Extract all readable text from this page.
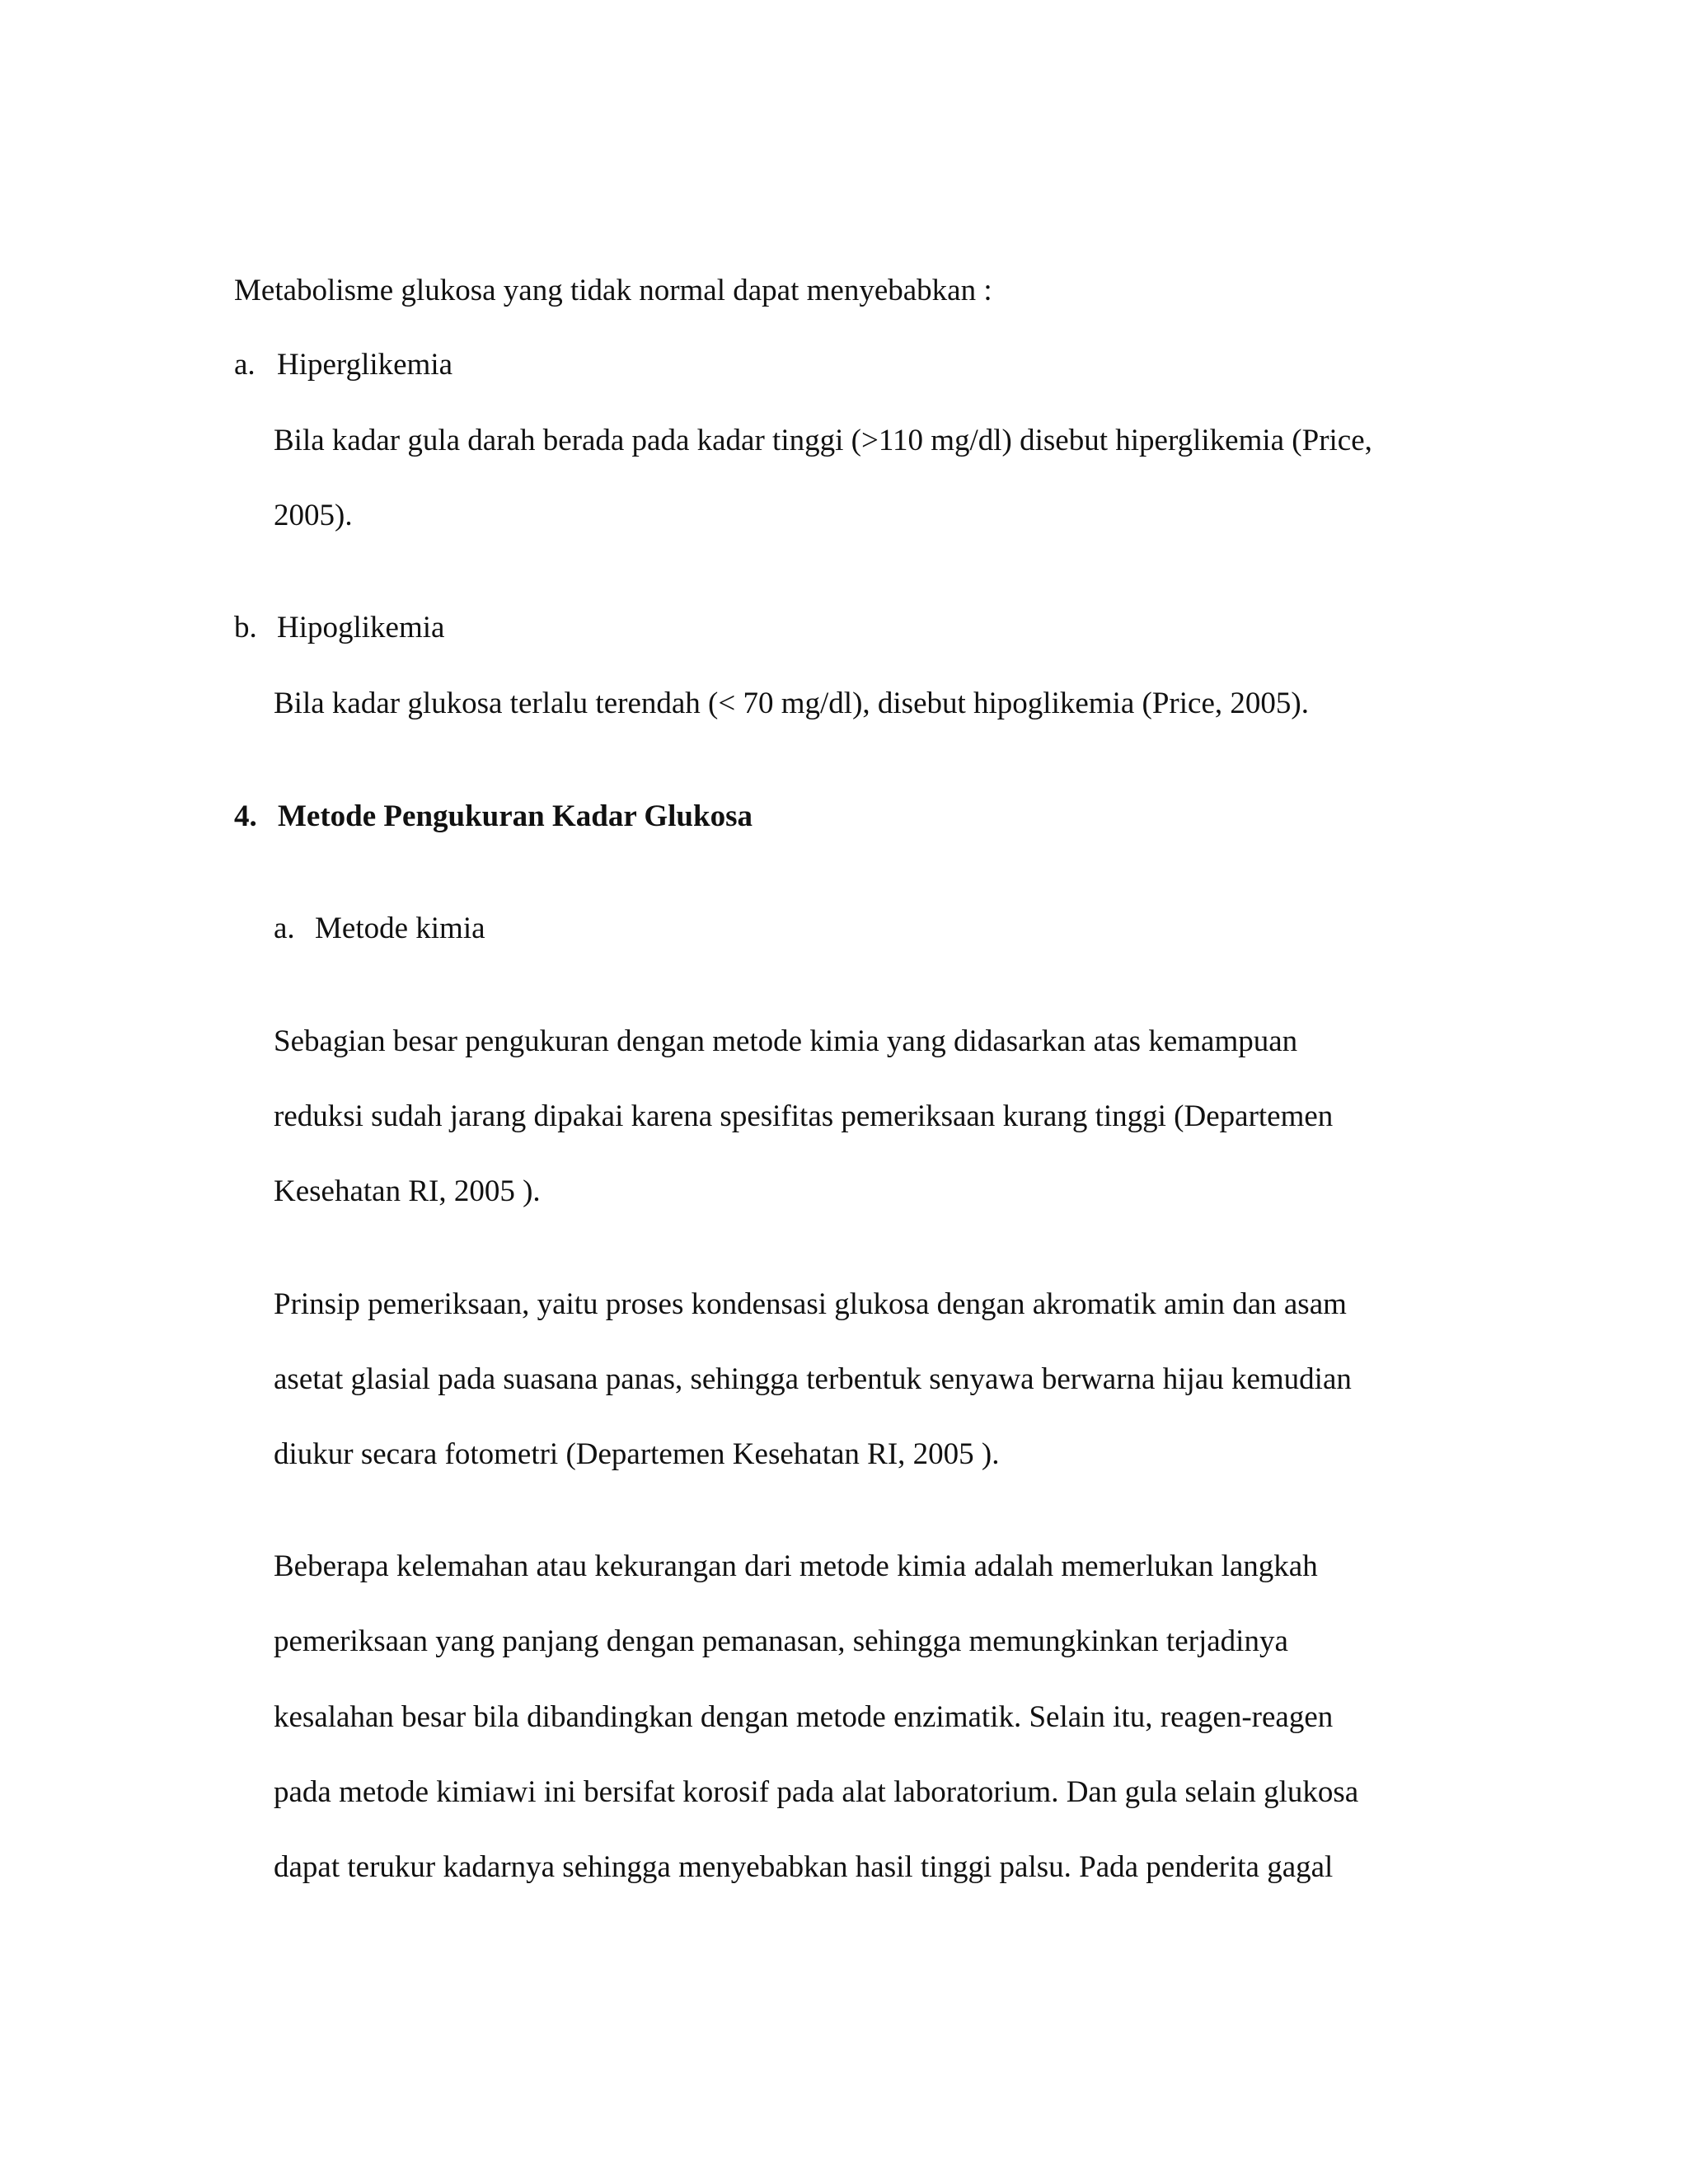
Metabolisme glukosa yang tidak normal dapat menyebabkan :
a. Hiperglikemia
Bila kadar gula darah berada pada kadar tinggi (>110 mg/dl) disebut hiperglikemia (Price,
2005).
b. Hipoglikemia
Bila kadar glukosa terlalu terendah (< 70 mg/dl), disebut hipoglikemia (Price, 2005).
4. Metode Pengukuran Kadar Glukosa
a. Metode kimia
Sebagian besar pengukuran dengan metode kimia yang didasarkan atas kemampuan
reduksi sudah jarang dipakai karena spesifitas pemeriksaan kurang tinggi (Departemen
Kesehatan RI, 2005 ).
Prinsip pemeriksaan, yaitu proses kondensasi glukosa dengan akromatik amin dan asam
asetat glasial pada suasana panas, sehingga terbentuk senyawa berwarna hijau kemudian
diukur secara fotometri (Departemen Kesehatan RI, 2005 ).
Beberapa kelemahan atau kekurangan dari metode kimia adalah memerlukan langkah
pemeriksaan yang panjang dengan pemanasan, sehingga memungkinkan terjadinya
kesalahan besar bila dibandingkan dengan metode enzimatik. Selain itu, reagen-reagen
pada metode kimiawi ini bersifat korosif pada alat laboratorium. Dan gula selain glukosa
dapat terukur kadarnya sehingga menyebabkan hasil tinggi palsu. Pada penderita gagal
